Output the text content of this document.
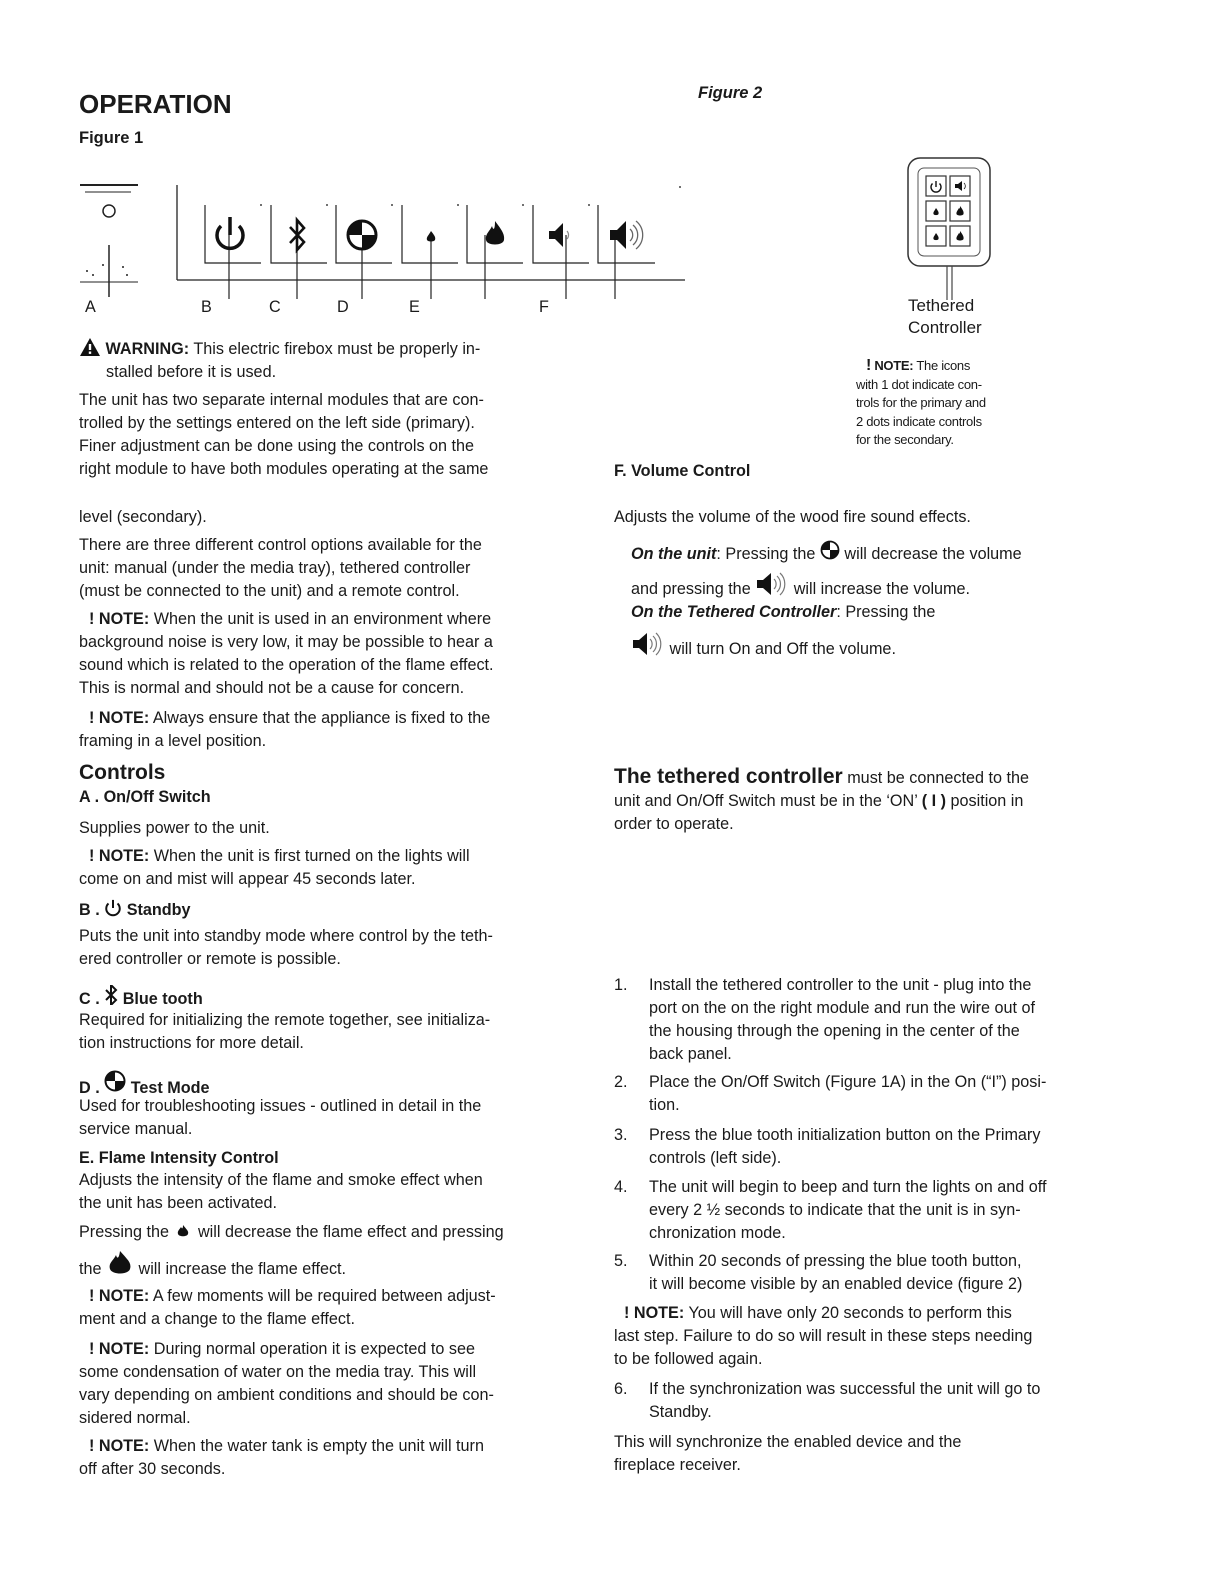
OPERATION
Figure 1
A	B	C	D	E	F
WARNING: This electric firebox must be properly in-
stalled before it is used.

The unit has two separate internal modules that are con-

trolled by the settings entered on the left side (primary).

Finer adjustment can be done using the controls on the

right module to have both modules operating at the same

level (secondary).

There are three different control options available for the

unit: manual (under the media tray), tethered controller

(must be connected to the unit) and a remote control.

! NOTE: When the unit is used in an environment where

background noise is very low, it may be possible to hear a

sound which is related to the operation of the flame effect.

This is normal and should not be a cause for concern.

! NOTE: Always ensure that the appliance is fixed to the

framing in a level position.

Controls
A . On/Off Switch
Supplies power to the unit.

! NOTE: When the unit is first turned on the lights will

come on and mist will appear 45 seconds later.

B . Standby

Puts the unit into standby mode where control by the teth-

ered controller or remote is possible.

C . Blue tooth

Required for initializing the remote together, see initializa-

tion instructions for more detail.

D . Test Mode

Used for troubleshooting issues - outlined in detail in the

service manual.

E. Flame Intensity Control

Adjusts the intensity of the flame and smoke effect when

the unit has been activated.

Pressing the will decrease the flame effect and pressing
the will increase the flame effect.

! NOTE: A few moments will be required between adjust-

ment and a change to the flame effect.

! NOTE: During normal operation it is expected to see

some condensation of water on the media tray. This will

vary depending on ambient conditions and should be con-

sidered normal.

! NOTE: When the water tank is empty the unit will turn

off after 30 seconds.

Figure 2

Tethered

Controller

! NOTE: The icons

with 1 dot indicate con-

trols for the primary and

2 dots indicate controls

for the secondary.

F. Volume Control
Adjusts the volume of the wood fire sound effects.
On the unit: Pressing the will decrease the volume
and pressing the	will increase the volume.
On the Tethered Controller: Pressing the
will turn On and Off the volume.

The tethered controller must be connected to the

unit and On/Off Switch must be in the ‘ON’ ( I ) position in

order to operate.

1. Install the tethered controller to the unit - plug into the

port on the on the right module and run the wire out of

the housing through the opening in the center of the

back panel.

2. Place the On/Off Switch (Figure 1A) in the On (“I”) posi-

tion.

3. Press the blue tooth initialization button on the Primary

controls (left side).

4. The unit will begin to beep and turn the lights on and off

every 2 ½ seconds to indicate that the unit is in syn-

chronization mode.

5. Within 20 seconds of pressing the blue tooth button,

it will become visible by an enabled device (figure 2)

! NOTE: You will have only 20 seconds to perform this

last step. Failure to do so will result in these steps needing

to be followed again.

6. If the synchronization was successful the unit will go to

Standby.

This will synchronize the enabled device and the

fireplace receiver.
